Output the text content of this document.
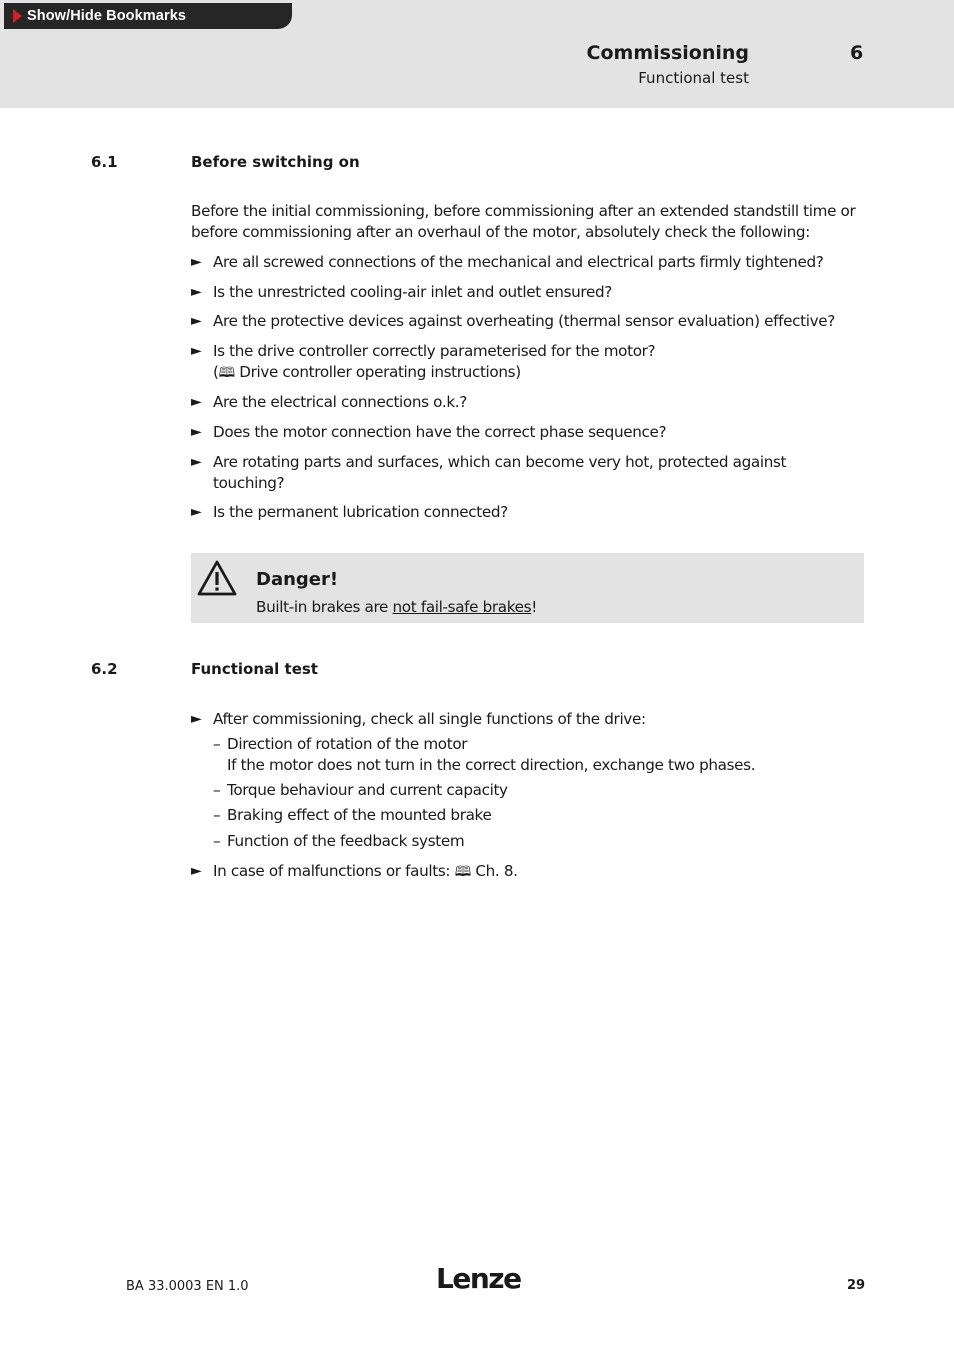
Show/Hide Bookmarks
Commissioning	6
Functional test
6.1	Before switching on
Before the initial commissioning, before commissioning after an extended standstill time or before commissioning after an overhaul of the motor, absolutely check the following:
► Are all screwed connections of the mechanical and electrical parts firmly tightened?
► Is the unrestricted cooling-air inlet and outlet ensured?
► Are the protective devices against overheating (thermal sensor evaluation) effective?
► Is the drive controller correctly parameterised for the motor?
(🕮 Drive controller operating instructions)
► Are the electrical connections o.k.?
► Does the motor connection have the correct phase sequence?
► Are rotating parts and surfaces, which can become very hot, protected against touching?
► Is the permanent lubrication connected?
Danger!
Built-in brakes are not fail-safe brakes!
6.2	Functional test
► After commissioning, check all single functions of the drive:
– Direction of rotation of the motor
If the motor does not turn in the correct direction, exchange two phases.
– Torque behaviour and current capacity
– Braking effect of the mounted brake
– Function of the feedback system
► In case of malfunctions or faults: 🕮 Ch. 8.
BA 33.0003 EN 1.0	Lenze	29
